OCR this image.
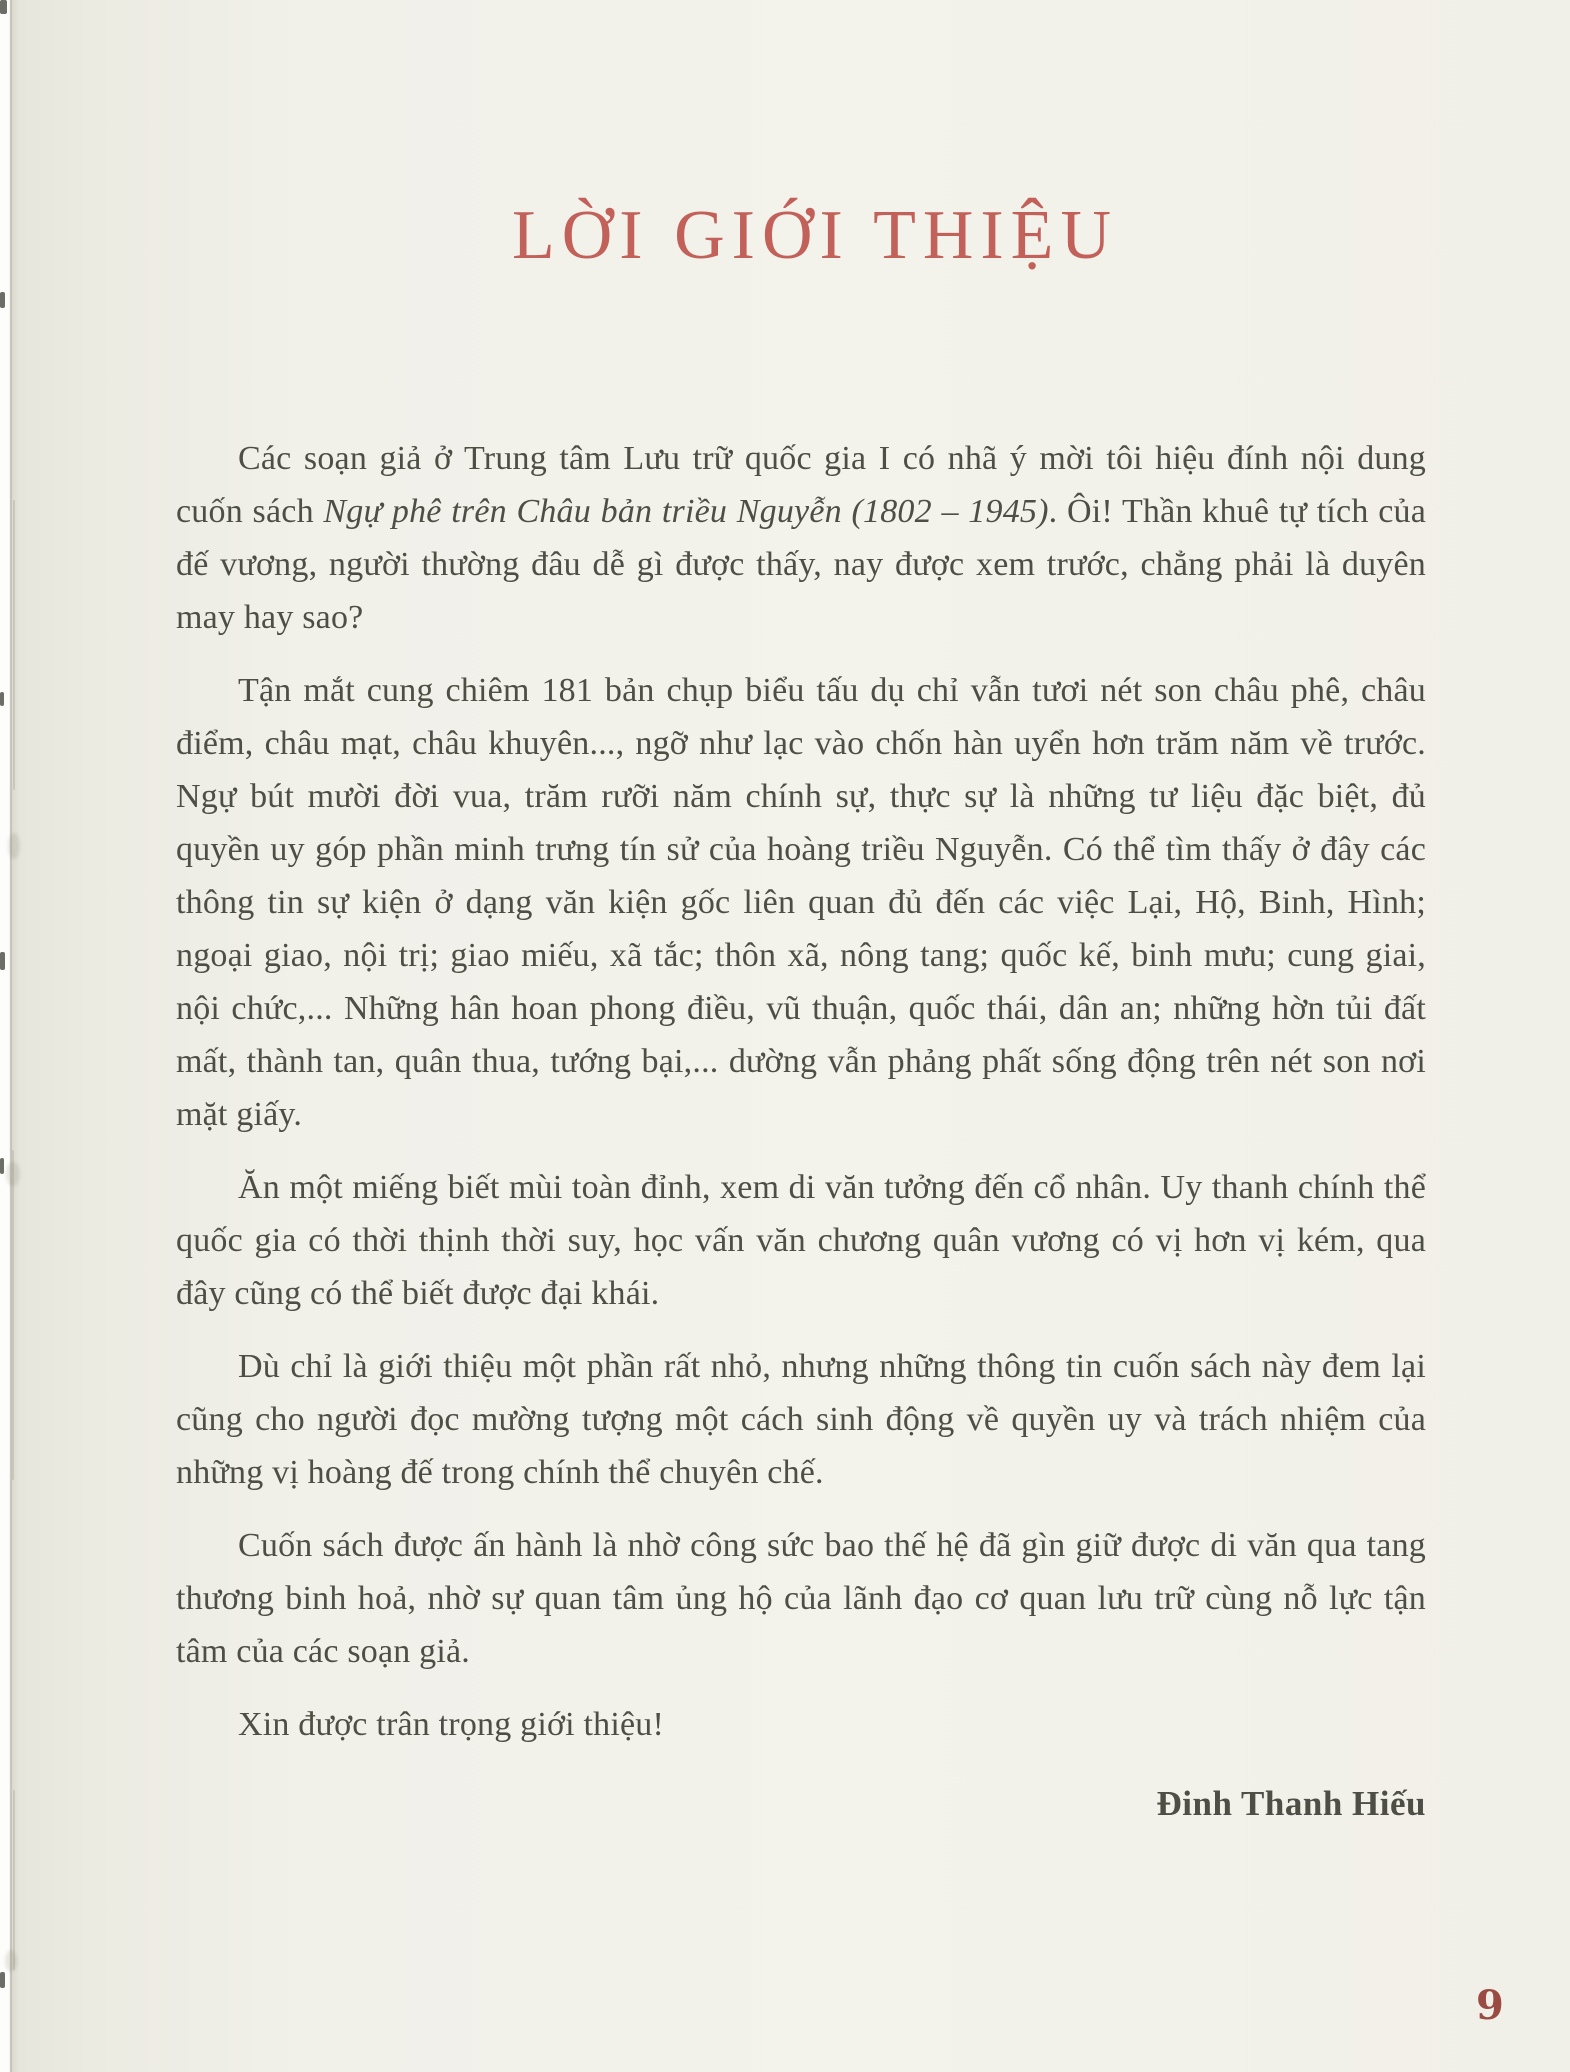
LỜI GIỚI THIỆU

Các soạn giả ở Trung tâm Lưu trữ quốc gia I có nhã ý mời tôi hiệu đính nội dung cuốn sách Ngự phê trên Châu bản triều Nguyễn (1802 – 1945). Ôi! Thần khuê tự tích của đế vương, người thường đâu dễ gì được thấy, nay được xem trước, chẳng phải là duyên may hay sao?

Tận mắt cung chiêm 181 bản chụp biểu tấu dụ chỉ vẫn tươi nét son châu phê, châu điểm, châu mạt, châu khuyên..., ngỡ như lạc vào chốn hàn uyển hơn trăm năm về trước. Ngự bút mười đời vua, trăm rưỡi năm chính sự, thực sự là những tư liệu đặc biệt, đủ quyền uy góp phần minh trưng tín sử của hoàng triều Nguyễn. Có thể tìm thấy ở đây các thông tin sự kiện ở dạng văn kiện gốc liên quan đủ đến các việc Lại, Hộ, Binh, Hình; ngoại giao, nội trị; giao miếu, xã tắc; thôn xã, nông tang; quốc kế, binh mưu; cung giai, nội chức,... Những hân hoan phong điều, vũ thuận, quốc thái, dân an; những hờn tủi đất mất, thành tan, quân thua, tướng bại,... dường vẫn phảng phất sống động trên nét son nơi mặt giấy.

Ăn một miếng biết mùi toàn đỉnh, xem di văn tưởng đến cổ nhân. Uy thanh chính thể quốc gia có thời thịnh thời suy, học vấn văn chương quân vương có vị hơn vị kém, qua đây cũng có thể biết được đại khái.

Dù chỉ là giới thiệu một phần rất nhỏ, nhưng những thông tin cuốn sách này đem lại cũng cho người đọc mường tượng một cách sinh động về quyền uy và trách nhiệm của những vị hoàng đế trong chính thể chuyên chế.

Cuốn sách được ấn hành là nhờ công sức bao thế hệ đã gìn giữ được di văn qua tang thương binh hoả, nhờ sự quan tâm ủng hộ của lãnh đạo cơ quan lưu trữ cùng nỗ lực tận tâm của các soạn giả.

Xin được trân trọng giới thiệu!

Đinh Thanh Hiếu
9
